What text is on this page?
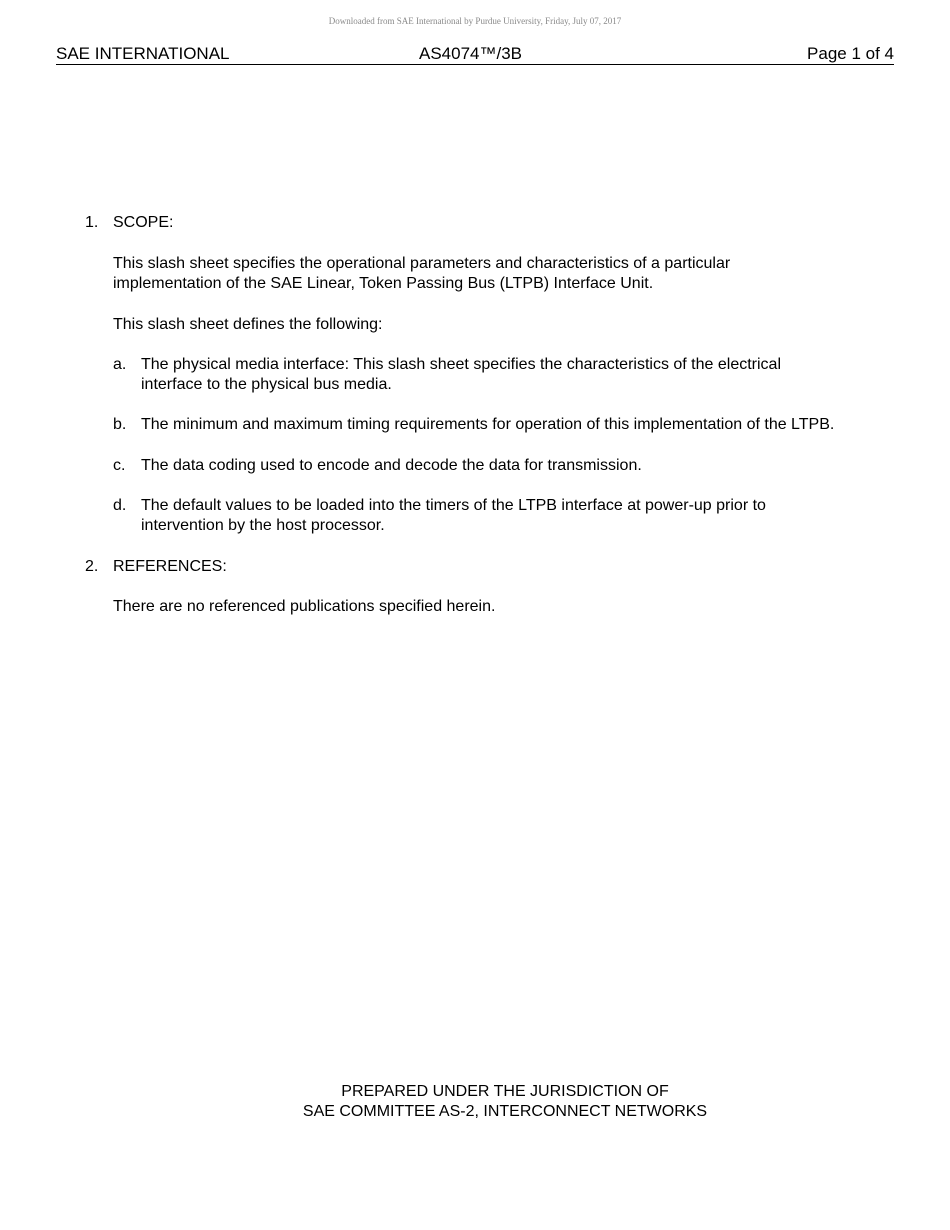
Downloaded from SAE International by Purdue University, Friday, July 07, 2017
SAE INTERNATIONAL	AS4074™/3B	Page 1 of 4
1. SCOPE:
This slash sheet specifies the operational parameters and characteristics of a particular
implementation of the SAE Linear, Token Passing Bus (LTPB) Interface Unit.
This slash sheet defines the following:
a. The physical media interface: This slash sheet specifies the characteristics of the electrical
interface to the physical bus media.
b. The minimum and maximum timing requirements for operation of this implementation of the LTPB.
c. The data coding used to encode and decode the data for transmission.
d. The default values to be loaded into the timers of the LTPB interface at power-up prior to
intervention by the host processor.
2. REFERENCES:
There are no referenced publications specified herein.
PREPARED UNDER THE JURISDICTION OF
SAE COMMITTEE AS-2, INTERCONNECT NETWORKS
